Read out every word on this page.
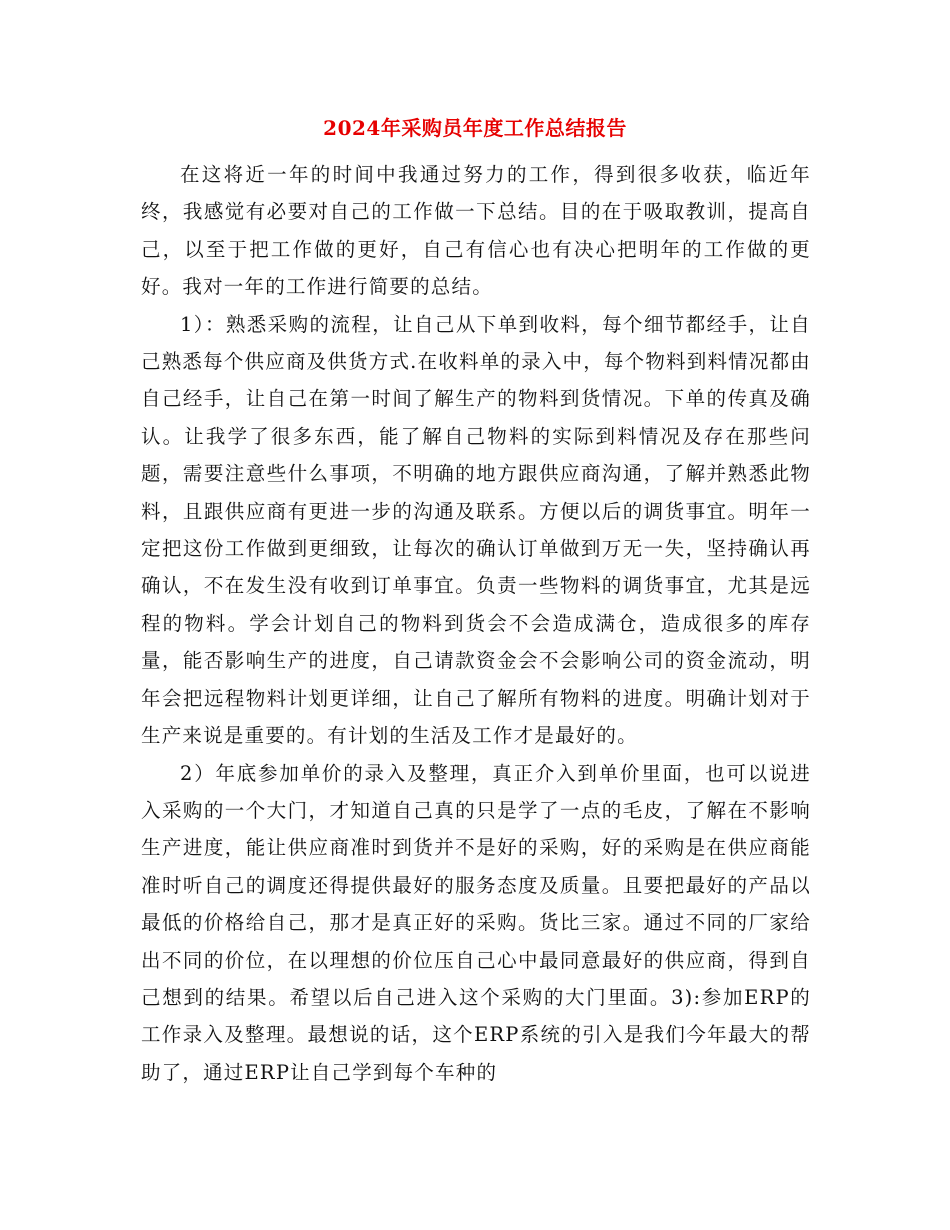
2024年采购员年度工作总结报告

在这将近一年的时间中我通过努力的工作，得到很多收获，临近年终，我感觉有必要对自己的工作做一下总结。目的在于吸取教训，提高自己，以至于把工作做的更好，自己有信心也有决心把明年的工作做的更好。我对一年的工作进行简要的总结。

1）：熟悉采购的流程，让自己从下单到收料，每个细节都经手，让自己熟悉每个供应商及供货方式.在收料单的录入中，每个物料到料情况都由自己经手，让自己在第一时间了解生产的物料到货情况。下单的传真及确认。让我学了很多东西，能了解自己物料的实际到料情况及存在那些问题，需要注意些什么事项，不明确的地方跟供应商沟通，了解并熟悉此物料，且跟供应商有更进一步的沟通及联系。方便以后的调货事宜。明年一定把这份工作做到更细致，让每次的确认订单做到万无一失，坚持确认再确认，不在发生没有收到订单事宜。负责一些物料的调货事宜，尤其是远程的物料。学会计划自己的物料到货会不会造成满仓，造成很多的库存量，能否影响生产的进度，自己请款资金会不会影响公司的资金流动，明年会把远程物料计划更详细，让自己了解所有物料的进度。明确计划对于生产来说是重要的。有计划的生活及工作才是最好的。

2）年底参加单价的录入及整理，真正介入到单价里面，也可以说进入采购的一个大门，才知道自己真的只是学了一点的毛皮，了解在不影响生产进度，能让供应商准时到货并不是好的采购，好的采购是在供应商能准时听自己的调度还得提供最好的服务态度及质量。且要把最好的产品以最低的价格给自己，那才是真正好的采购。货比三家。通过不同的厂家给出不同的价位，在以理想的价位压自己心中最同意最好的供应商，得到自己想到的结果。希望以后自己进入这个采购的大门里面。3):参加ERP的工作录入及整理。最想说的话，这个ERP系统的引入是我们今年最大的帮助了，通过ERP让自己学到每个车种的
